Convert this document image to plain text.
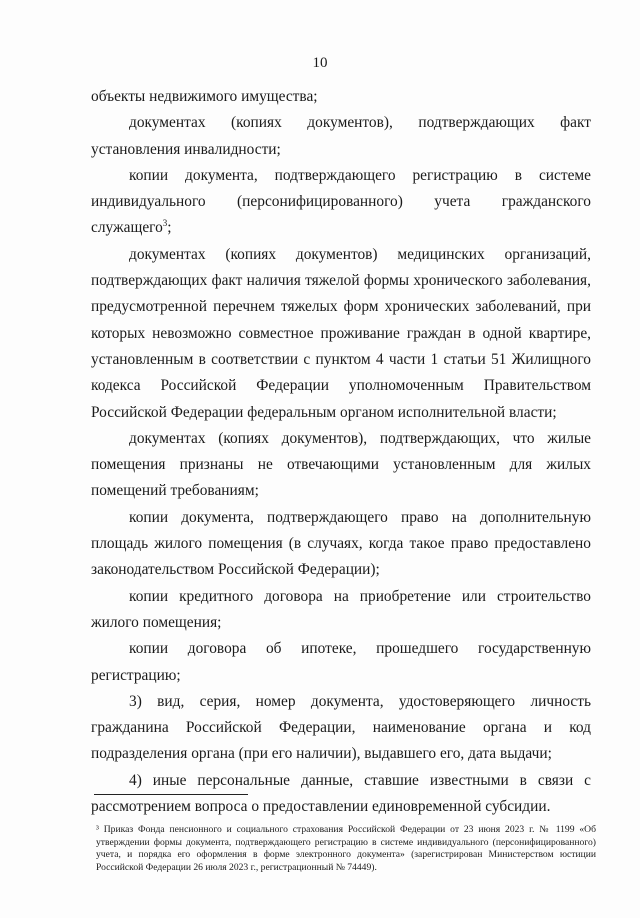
10

объекты недвижимого имущества;

документах (копиях документов), подтверждающих факт установления инвалидности;

копии документа, подтверждающего регистрацию в системе индивидуального (персонифицированного) учета гражданского служащего$^3$;

документах (копиях документов) медицинских организаций, подтверждающих факт наличия тяжелой формы хронического заболевания, предусмотренной перечнем тяжелых форм хронических заболеваний, при которых невозможно совместное проживание граждан в одной квартире, установленным в соответствии с пунктом 4 части 1 статьи 51 Жилищного кодекса Российской Федерации уполномоченным Правительством Российской Федерации федеральным органом исполнительной власти;

документах (копиях документов), подтверждающих, что жилые помещения признаны не отвечающими установленным для жилых помещений требованиям;

копии документа, подтверждающего право на дополнительную площадь жилого помещения (в случаях, когда такое право предоставлено законодательством Российской Федерации);

копии кредитного договора на приобретение или строительство жилого помещения;

копии договора об ипотеке, прошедшего государственную регистрацию;

3) вид, серия, номер документа, удостоверяющего личность гражданина Российской Федерации, наименование органа и код подразделения органа (при его наличии), выдавшего его, дата выдачи;

4) иные персональные данные, ставшие известными в связи с рассмотрением вопроса о предоставлении единовременной субсидии.

³ Приказ Фонда пенсионного и социального страхования Российской Федерации от 23 июня 2023 г. № 1199 «Об утверждении формы документа, подтверждающего регистрацию в системе индивидуального (персонифицированного) учета, и порядка его оформления в форме электронного документа» (зарегистрирован Министерством юстиции Российской Федерации 26 июля 2023 г., регистрационный № 74449).
